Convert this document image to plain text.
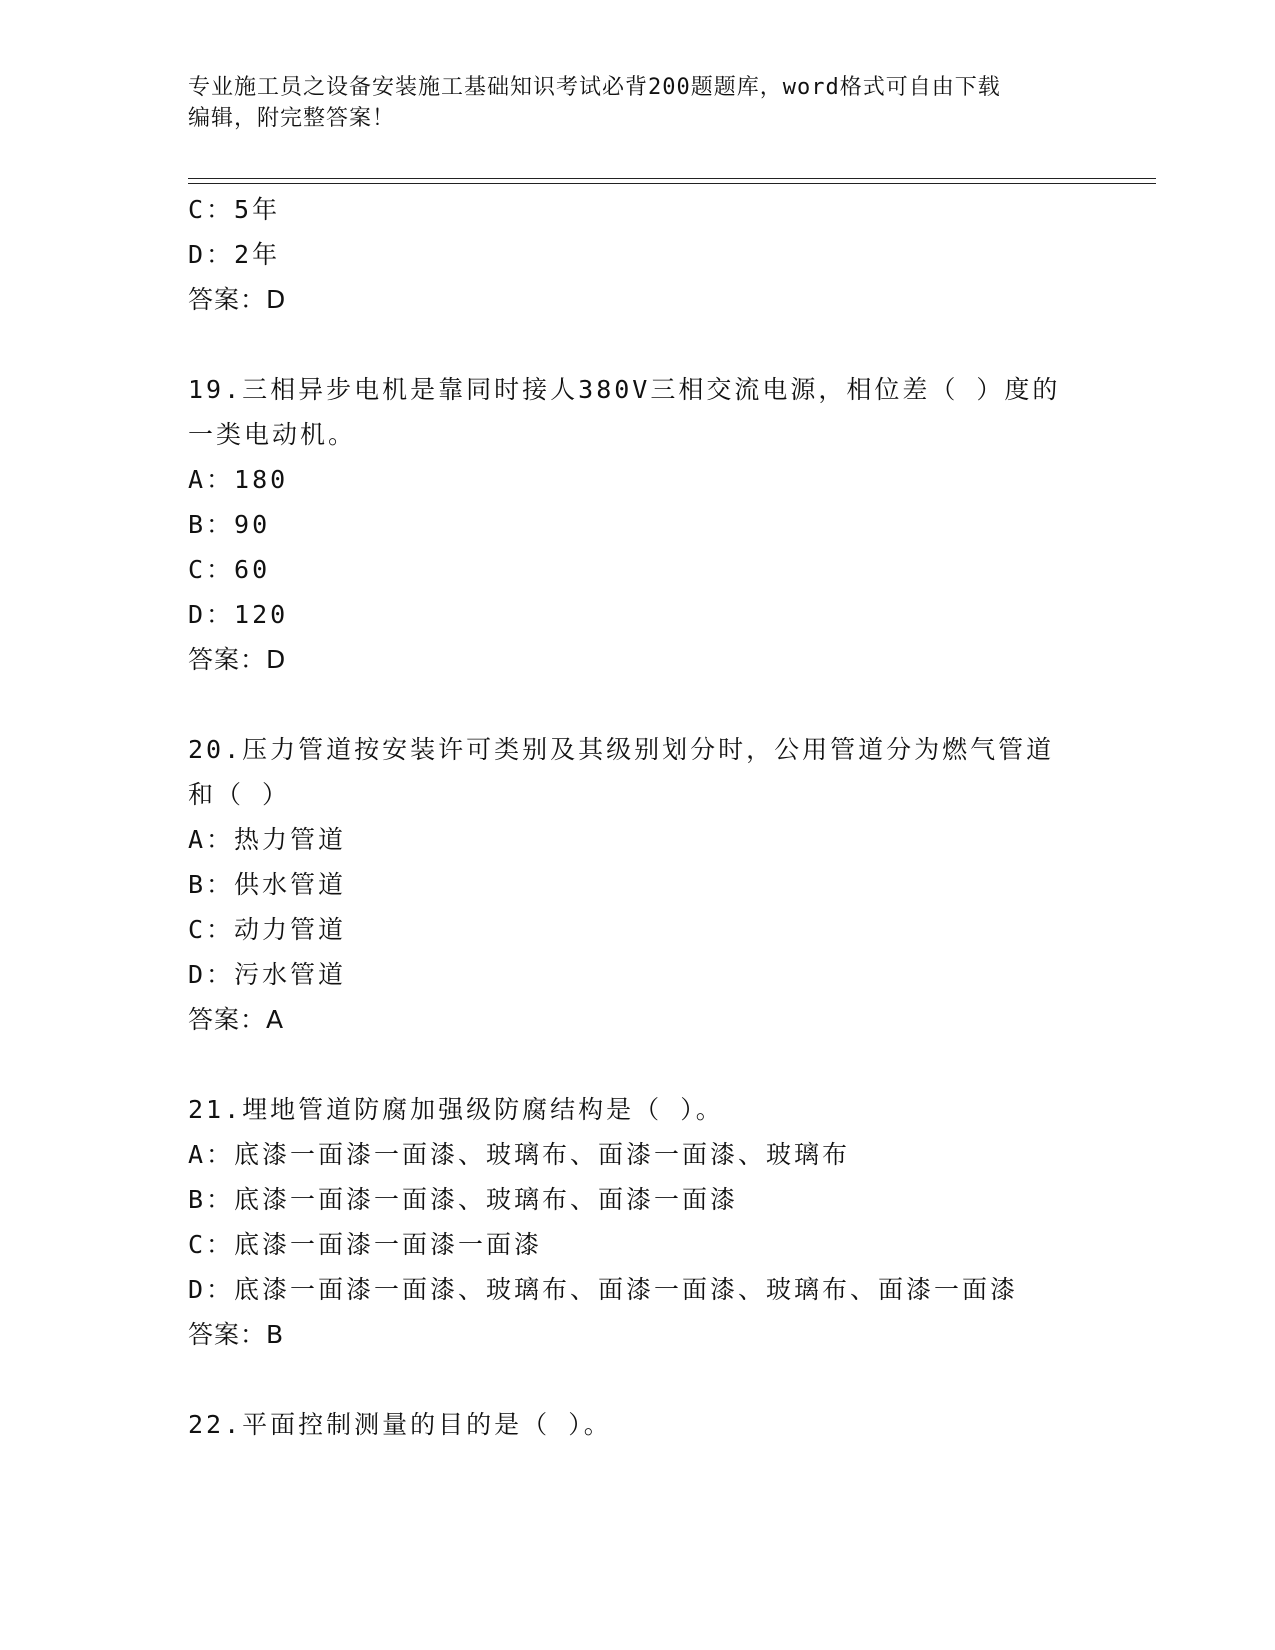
专业施工员之设备安装施工基础知识考试必背200题题库，word格式可自由下载
编辑，附完整答案！
C：5年
D：2年
答案：D
19.三相异步电机是靠同时接人380V三相交流电源，相位差（ ）度的
一类电动机。
A：180
B：90
C：60
D：120
答案：D
20.压力管道按安装许可类别及其级别划分时，公用管道分为燃气管道
和（ ）
A：热力管道
B：供水管道
C：动力管道
D：污水管道
答案：A
21.埋地管道防腐加强级防腐结构是（ ）。
A：底漆一面漆一面漆、玻璃布、面漆一面漆、玻璃布
B：底漆一面漆一面漆、玻璃布、面漆一面漆
C：底漆一面漆一面漆一面漆
D：底漆一面漆一面漆、玻璃布、面漆一面漆、玻璃布、面漆一面漆
答案：B
22.平面控制测量的目的是（ ）。
